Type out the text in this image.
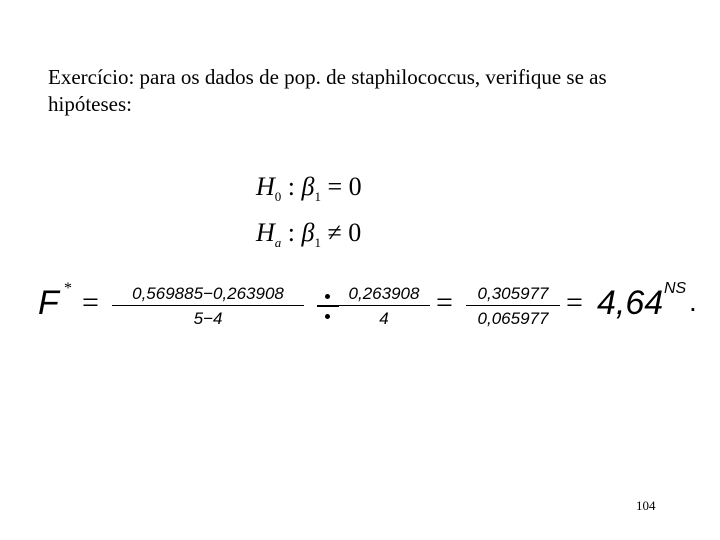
Exercício: para os dados de pop. de staphilococcus, verifique se as hipóteses:
$H_0$ : $\beta_1 = 0$
$H_a$ : $\beta_1 \ne 0$
F * = $\frac{0,569885-0,263908}{5-4} \frac{0,263908}{4} = \frac{0,305977}{0,065977} = 4,64$ NS .
104
